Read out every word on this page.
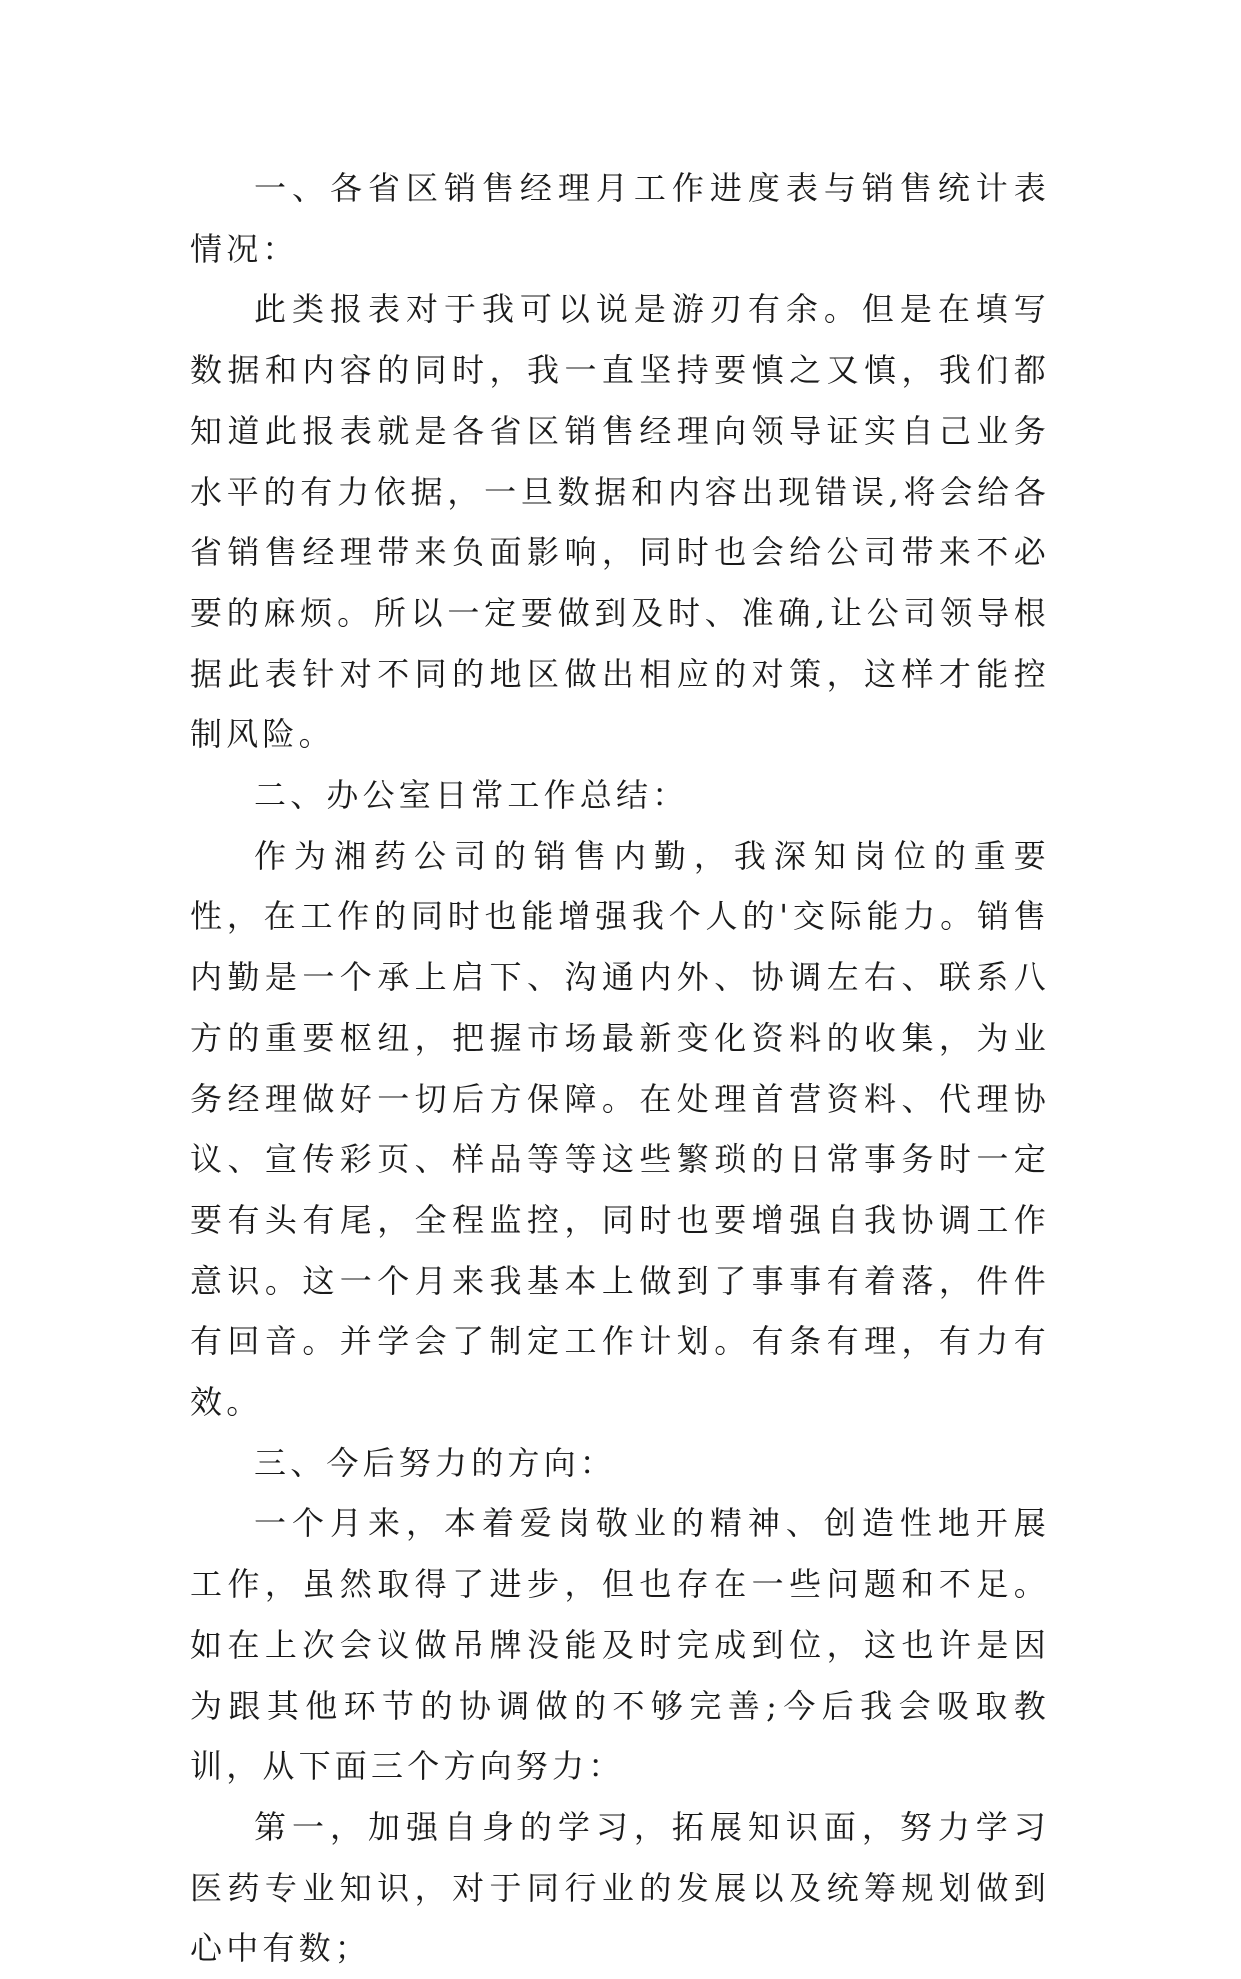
一、各省区销售经理月工作进度表与销售统计表情况：

此类报表对于我可以说是游刃有余。但是在填写数据和内容的同时，我一直坚持要慎之又慎，我们都知道此报表就是各省区销售经理向领导证实自己业务水平的有力依据，一旦数据和内容出现错误,将会给各省销售经理带来负面影响，同时也会给公司带来不必要的麻烦。所以一定要做到及时、准确,让公司领导根据此表针对不同的地区做出相应的对策，这样才能控制风险。

二、办公室日常工作总结：

作为湘药公司的销售内勤，我深知岗位的重要性，在工作的同时也能增强我个人的'交际能力。销售内勤是一个承上启下、沟通内外、协调左右、联系八方的重要枢纽，把握市场最新变化资料的收集，为业务经理做好一切后方保障。在处理首营资料、代理协议、宣传彩页、样品等等这些繁琐的日常事务时一定要有头有尾，全程监控，同时也要增强自我协调工作意识。这一个月来我基本上做到了事事有着落，件件有回音。并学会了制定工作计划。有条有理，有力有效。

三、今后努力的方向：

一个月来，本着爱岗敬业的精神、创造性地开展工作，虽然取得了进步，但也存在一些问题和不足。如在上次会议做吊牌没能及时完成到位，这也许是因为跟其他环节的协调做的不够完善;今后我会吸取教训，从下面三个方向努力：

第一，加强自身的学习，拓展知识面，努力学习医药专业知识，对于同行业的发展以及统筹规划做到心中有数；
